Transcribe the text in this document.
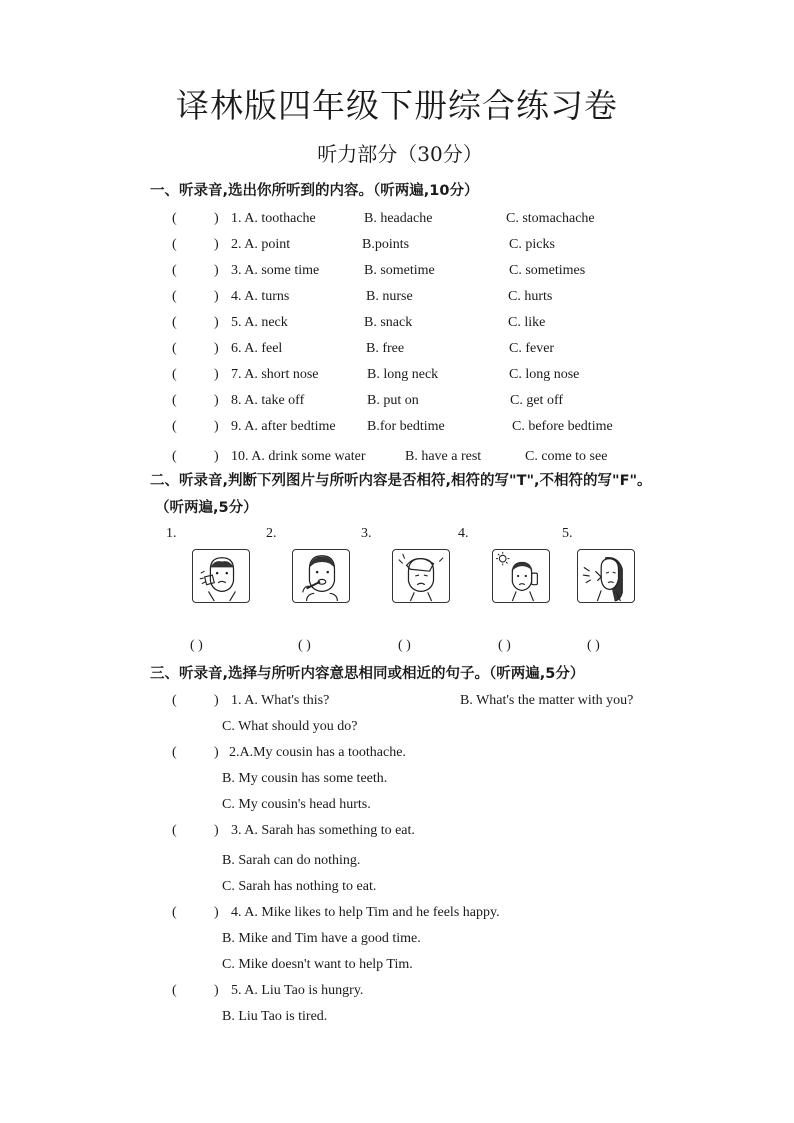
译林版四年级下册综合练习卷
听力部分（30分）
一、听录音,选出你所听到的内容。（听两遍,10分）
(	) 1. A. toothache	B. headache	C. stomachache
(	) 2. A. point	B.points	C. picks
(	) 3. A. some time	B. sometime	C. sometimes
(	) 4. A. turns	B. nurse	C. hurts
(	) 5. A. neck	B. snack	C. like
(	) 6. A. feel	B. free	C. fever
(	) 7. A. short nose	B. long neck	C. long nose
(	) 8. A. take off	B. put on	C. get off
(	) 9. A. after bedtime B.for bedtime	C. before bedtime
(	) 10. A. drink some water	B. have a rest	C. come to see
二、听录音,判断下列图片与所听内容是否相符,相符的写"T",不相符的写"F"。
（听两遍,5分）
1.	2.	3.	4.	5.
( )	( )	( )	( )	( )
三、听录音,选择与所听内容意思相同或相近的句子。（听两遍,5分）
(	) 1. A. What's this?	B. What's the matter with you?
C. What should you do?
(	) 2.A.My cousin has a toothache.
B. My cousin has some teeth.
C. My cousin's head hurts.
(	) 3. A. Sarah has something to eat.
B. Sarah can do nothing.
C. Sarah has nothing to eat.
(	) 4. A. Mike likes to help Tim and he feels happy.
B. Mike and Tim have a good time.
C. Mike doesn't want to help Tim.
(	) 5. A. Liu Tao is hungry.
B. Liu Tao is tired.
